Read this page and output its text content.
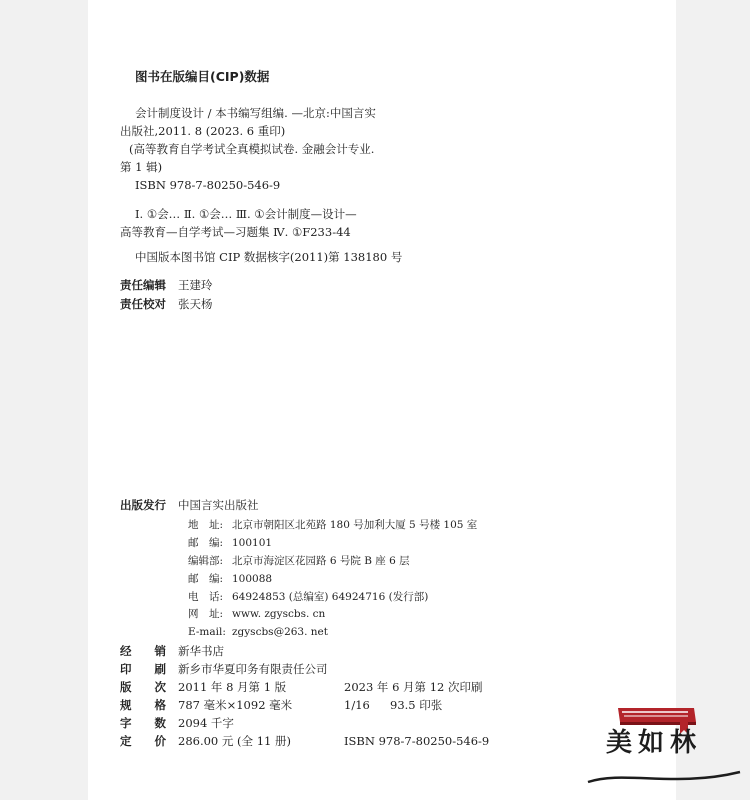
图书在版编目(CIP)数据
会计制度设计 / 本书编写组编. —北京:中国言实
出版社,2011. 8 (2023. 6 重印)
(高等教育自学考试全真模拟试卷. 金融会计专业.
第 1 辑)
ISBN 978-7-80250-546-9
Ⅰ. ①会… Ⅱ. ①会… Ⅲ. ①会计制度—设计—
高等教育—自学考试—习题集 Ⅳ. ①F233-44
中国版本图书馆 CIP 数据核字(2011)第 138180 号
责任编辑 王建玲
责任校对 张天杨
出版发行 中国言实出版社
地　址: 北京市朝阳区北苑路 180 号加利大厦 5 号楼 105 室
邮　编: 100101
编辑部: 北京市海淀区花园路 6 号院 B 座 6 层
邮　编: 100088
电　话: 64924853 (总编室) 64924716 (发行部)
网　址: www. zgyscbs. cn
E-mail: zgyscbs@263. net
经销 新华书店
印刷 新乡市华夏印务有限责任公司
版次 2011 年 8 月第 1 版	2023 年 6 月第 12 次印刷
规格 787 毫米×1092 毫米	1/16 93.5 印张
字数 2094 千字
定价 286.00 元 (全 11 册)	ISBN 978-7-80250-546-9	美如林
